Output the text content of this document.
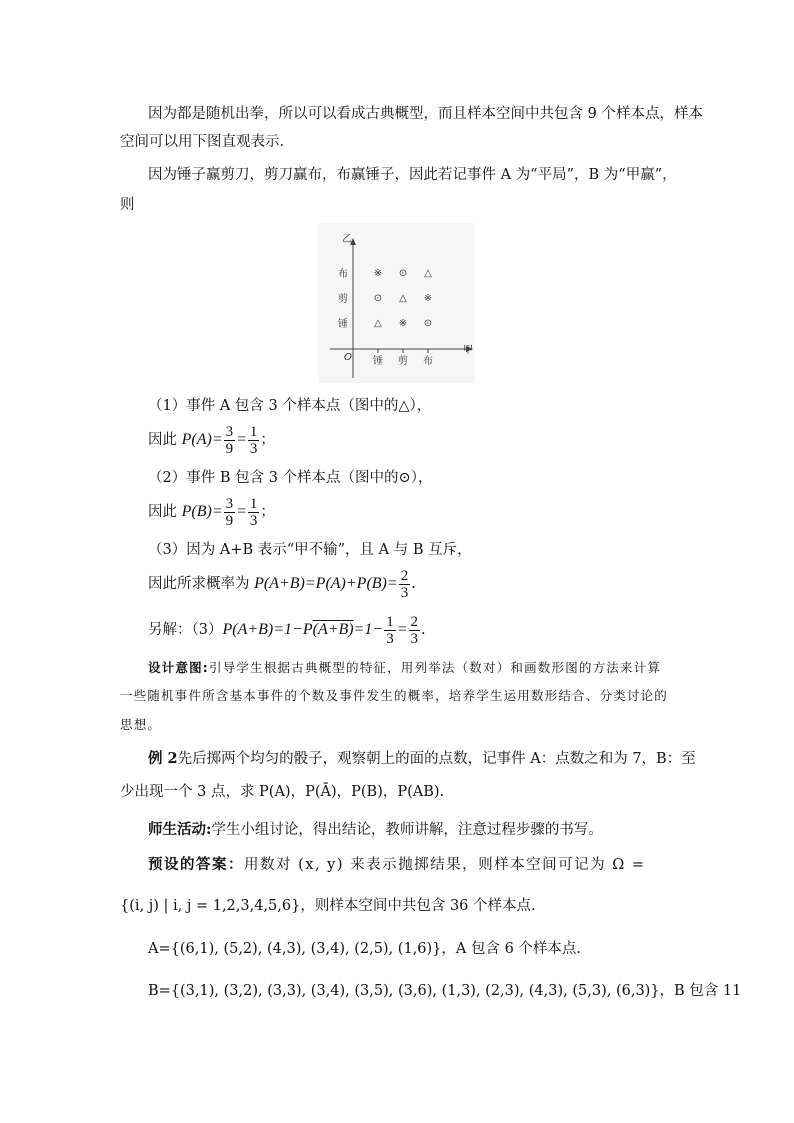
因为都是随机出拳，所以可以看成古典概型，而且样本空间中共包含 9 个样本点，样本
空间可以用下图直观表示.
因为锤子赢剪刀，剪刀赢布，布赢锤子，因此若记事件 A 为“平局”，B 为“甲赢”，
则
乙
甲
O
布
剪
锤
锤 剪 布
※ ⊙ △
⊙ △ ※
△ ※ ⊙
（1）事件 A 包含 3 个样本点（图中的△），
因此 $P(A)= \frac{3}{9} = \frac{1}{3}$ ；
（2）事件 B 包含 3 个样本点（图中的⊙），
因此 $P(B)= \frac{3}{9} = \frac{1}{3}$ ；
（3）因为 A+B 表示“甲不输”，且 A 与 B 互斥，
因此所求概率为 $P(A+B)=P(A)+P(B)= \frac{2}{3}$ .
另解：$(3)P(A+B)=1-P(A+B)=1- \frac{1}{3} = \frac{2}{3}$ .
设计意图:引导学生根据古典概型的特征，用列举法（数对）和画数形图的方法来计算
一些随机事件所含基本事件的个数及事件发生的概率，培养学生运用数形结合、分类讨论的
思想。
例 2先后掷两个均匀的骰子，观察朝上的面的点数，记事件 A：点数之和为 7，B：至
少出现一个 3 点，求 P(A)，P(Ā)，P(B)，P(AB).
师生活动:学生小组讨论，得出结论，教师讲解，注意过程步骤的书写。
预设的答案：用数对 (x, y) 来表示抛掷结果，则样本空间可记为 Ω =
{(i, j) | i, j = 1,2,3,4,5,6}，则样本空间中共包含 36 个样本点.
A={(6,1), (5,2), (4,3), (3,4), (2,5), (1,6)}，A 包含 6 个样本点.
B={(3,1), (3,2), (3,3), (3,4), (3,5), (3,6), (1,3), (2,3), (4,3), (5,3), (6,3)}，B 包含 11
